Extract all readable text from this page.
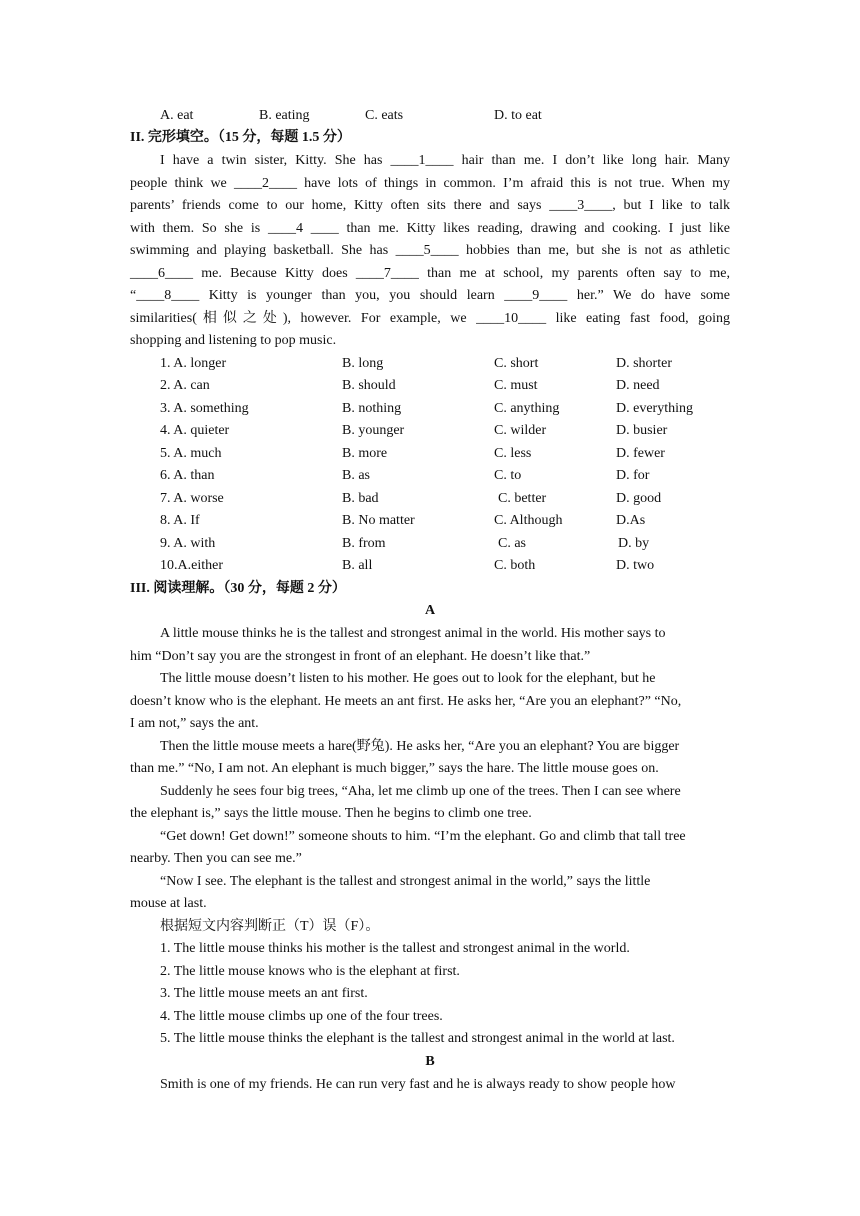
A. eat	B. eating	C. eats	D. to eat
II. 完形填空。（15 分，每题 1.5 分）
I have a twin sister, Kitty. She has ____1____ hair than me. I don’t like long hair. Many
people think we ____2____ have lots of things in common. I’m afraid this is not true. When my
parents’ friends come to our home, Kitty often sits there and says ____3____, but I like to talk
with them. So she is ____4 ____ than me. Kitty likes reading, drawing and cooking. I just like
swimming and playing basketball. She has ____5____ hobbies than me, but she is not as athletic
____6____ me. Because Kitty does ____7____ than me at school, my parents often say to me,
“____8____ Kitty is younger than you, you should learn ____9____ her.” We do have some
similarities(相似之处), however. For example, we ____10____ like eating fast food, going
shopping and listening to pop music.
1. A. longer	B. long	C. short	D. shorter
2. A. can	B. should	C. must	D. need
3. A. something	B. nothing	C. anything	D. everything
4. A. quieter	B. younger	C. wilder	D. busier
5. A. much	B. more	C. less	D. fewer
6. A. than	B. as	C. to	D. for
7. A. worse	B. bad	C. better	D. good
8. A. If	B. No matter	C. Although	D.As
9. A. with	B. from	C. as	D. by
10.A.either	B. all	C. both	D. two
III. 阅读理解。（30 分，每题 2 分）
A
A little mouse thinks he is the tallest and strongest animal in the world. His mother says to
him “Don’t say you are the strongest in front of an elephant. He doesn’t like that.”
The little mouse doesn’t listen to his mother. He goes out to look for the elephant, but he
doesn’t know who is the elephant. He meets an ant first. He asks her, “Are you an elephant?” “No,
I am not,” says the ant.
Then the little mouse meets a hare(野兔). He asks her, “Are you an elephant? You are bigger
than me.” “No, I am not. An elephant is much bigger,” says the hare. The little mouse goes on.
Suddenly he sees four big trees, “Aha, let me climb up one of the trees. Then I can see where
the elephant is,” says the little mouse. Then he begins to climb one tree.
“Get down! Get down!” someone shouts to him. “I’m the elephant. Go and climb that tall tree
nearby. Then you can see me.”
“Now I see. The elephant is the tallest and strongest animal in the world,” says the little
mouse at last.
根据短文内容判断正（T）误（F）。
1. The little mouse thinks his mother is the tallest and strongest animal in the world.
2. The little mouse knows who is the elephant at first.
3. The little mouse meets an ant first.
4. The little mouse climbs up one of the four trees.
5. The little mouse thinks the elephant is the tallest and strongest animal in the world at last.
B
Smith is one of my friends. He can run very fast and he is always ready to show people how
